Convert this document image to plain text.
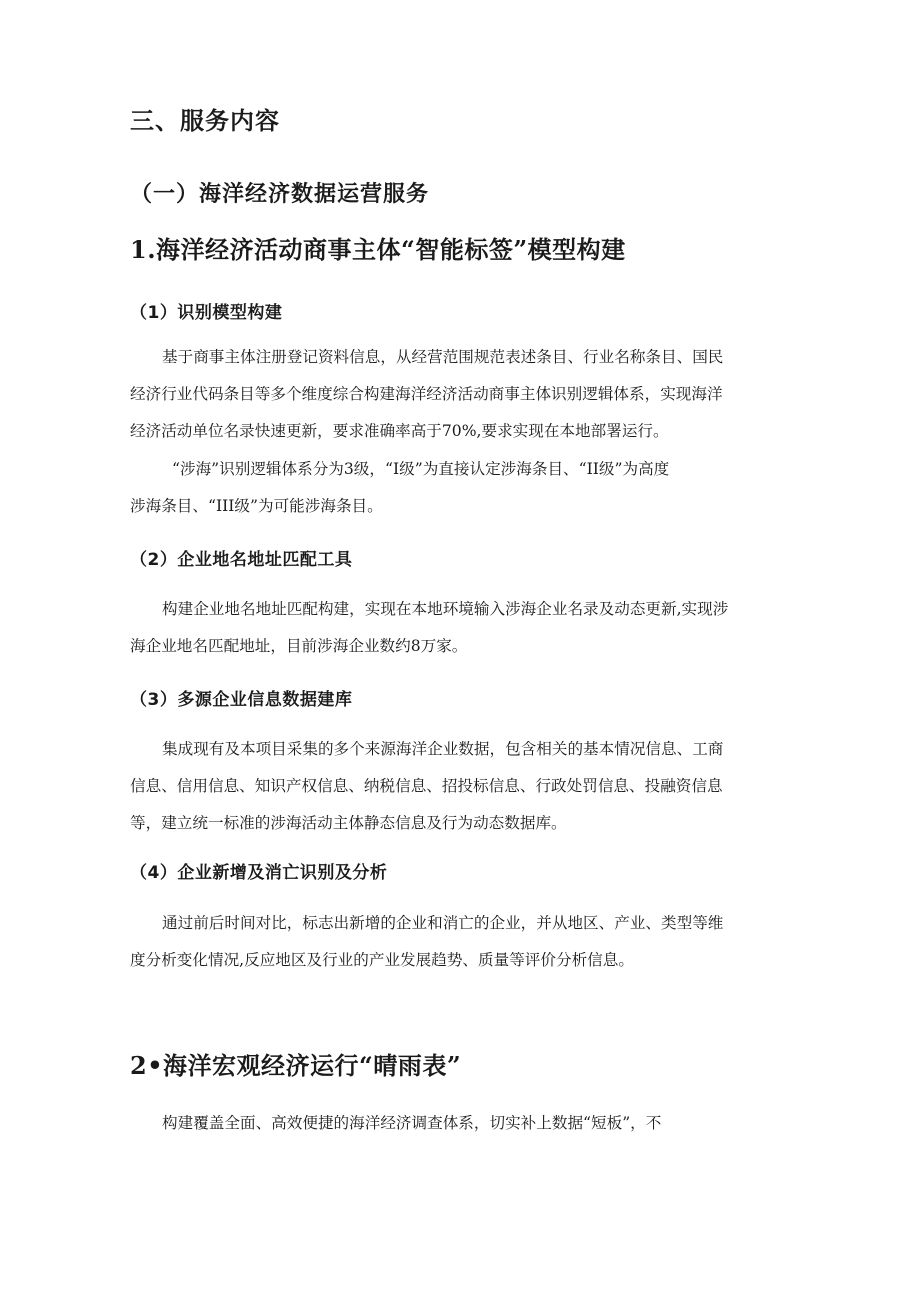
三、服务内容
（一）海洋经济数据运营服务
1.海洋经济活动商事主体“智能标签”模型构建
（1）识别模型构建
基于商事主体注册登记资料信息，从经营范围规范表述条目、行业名称条目、国民
经济行业代码条目等多个维度综合构建海洋经济活动商事主体识别逻辑体系，实现海洋
经济活动单位名录快速更新，要求准确率高于70%,要求实现在本地部署运行。
“涉海”识别逻辑体系分为3级，“I级”为直接认定涉海条目、“II级”为高度
涉海条目、“III级”为可能涉海条目。
（2）企业地名地址匹配工具
构建企业地名地址匹配构建，实现在本地环境输入涉海企业名录及动态更新,实现涉
海企业地名匹配地址，目前涉海企业数约8万家。
（3）多源企业信息数据建库
集成现有及本项目采集的多个来源海洋企业数据，包含相关的基本情况信息、工商
信息、信用信息、知识产权信息、纳税信息、招投标信息、行政处罚信息、投融资信息
等，建立统一标准的涉海活动主体静态信息及行为动态数据库。
（4）企业新增及消亡识别及分析
通过前后时间对比，标志出新增的企业和消亡的企业，并从地区、产业、类型等维
度分析变化情况,反应地区及行业的产业发展趋势、质量等评价分析信息。
2•海洋宏观经济运行“晴雨表”
构建覆盖全面、高效便捷的海洋经济调查体系，切实补上数据“短板”，不
